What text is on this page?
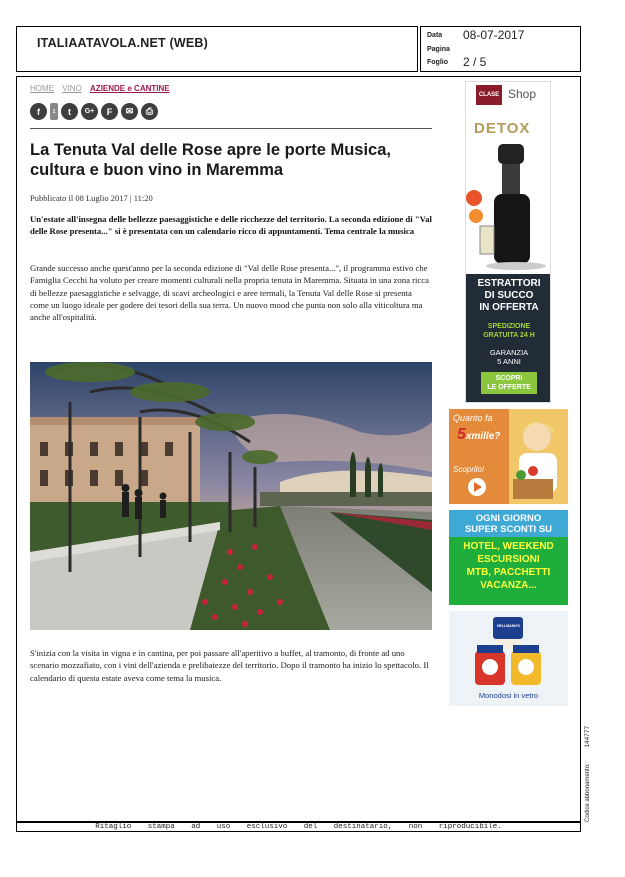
ITALIAATAVOLA.NET (WEB)
Data 08-07-2017
Pagina
Foglio 2 / 5
HOME VINO AZIENDE e CANTINE
f	1	t	G+	F	✉	⎙
La Tenuta Val delle Rose apre le porte Musica, cultura e buon vino in Maremma
Pubblicato il 08 Luglio 2017 | 11:20
Un'estate all'insegna delle bellezze paesaggistiche e delle ricchezze del territorio. La seconda edizione di "Val delle Rose presenta..." si è presentata con un calendario ricco di appuntamenti. Tema centrale la musica
Grande successo anche quest'anno per la seconda edizione di "Val delle Rose presenta...", il programma estivo che Famiglia Cecchi ha voluto per creare momenti culturali nella propria tenuta in Maremma. Situata in una zona ricca di bellezze paesaggistiche e selvagge, di scavi archeologici e aree termali, la Tenuta Val delle Rose si presenta come un luogo ideale per godere dei tesori della sua terra. Un nuovo mood che punta non solo alla viticoltura ma anche all'ospitalità.
S'inizia con la visita in vigna e in cantina, per poi passare all'aperitivo a buffet, al tramonto, di fronte ad uno scenario mozzafiato, con i vini dell'azienda e prelibatezze del territorio. Dopo il tramonto ha inizio lo spettacolo. Il calendario di questa estate aveva come tema la musica.
CLASE Shop
DETOX
ESTRATTORI
DI SUCCO
IN OFFERTA
SPEDIZIONE
GRATUITA 24 H
GARANZIA
5 ANNI
SCOPRI
LE OFFERTE
Quanto fa
5xmille?
Scoprilo!
OGNI GIORNO
SUPER SCONTI SU
HOTEL, WEEKEND
ESCURSIONI
MTB, PACCHETTI
VACANZA...
HELLMANN'S
Monodosi in vetro
Codice abbonamento: 144777
Ritaglio stampa ad uso esclusivo del destinatario, non riproducibile.
